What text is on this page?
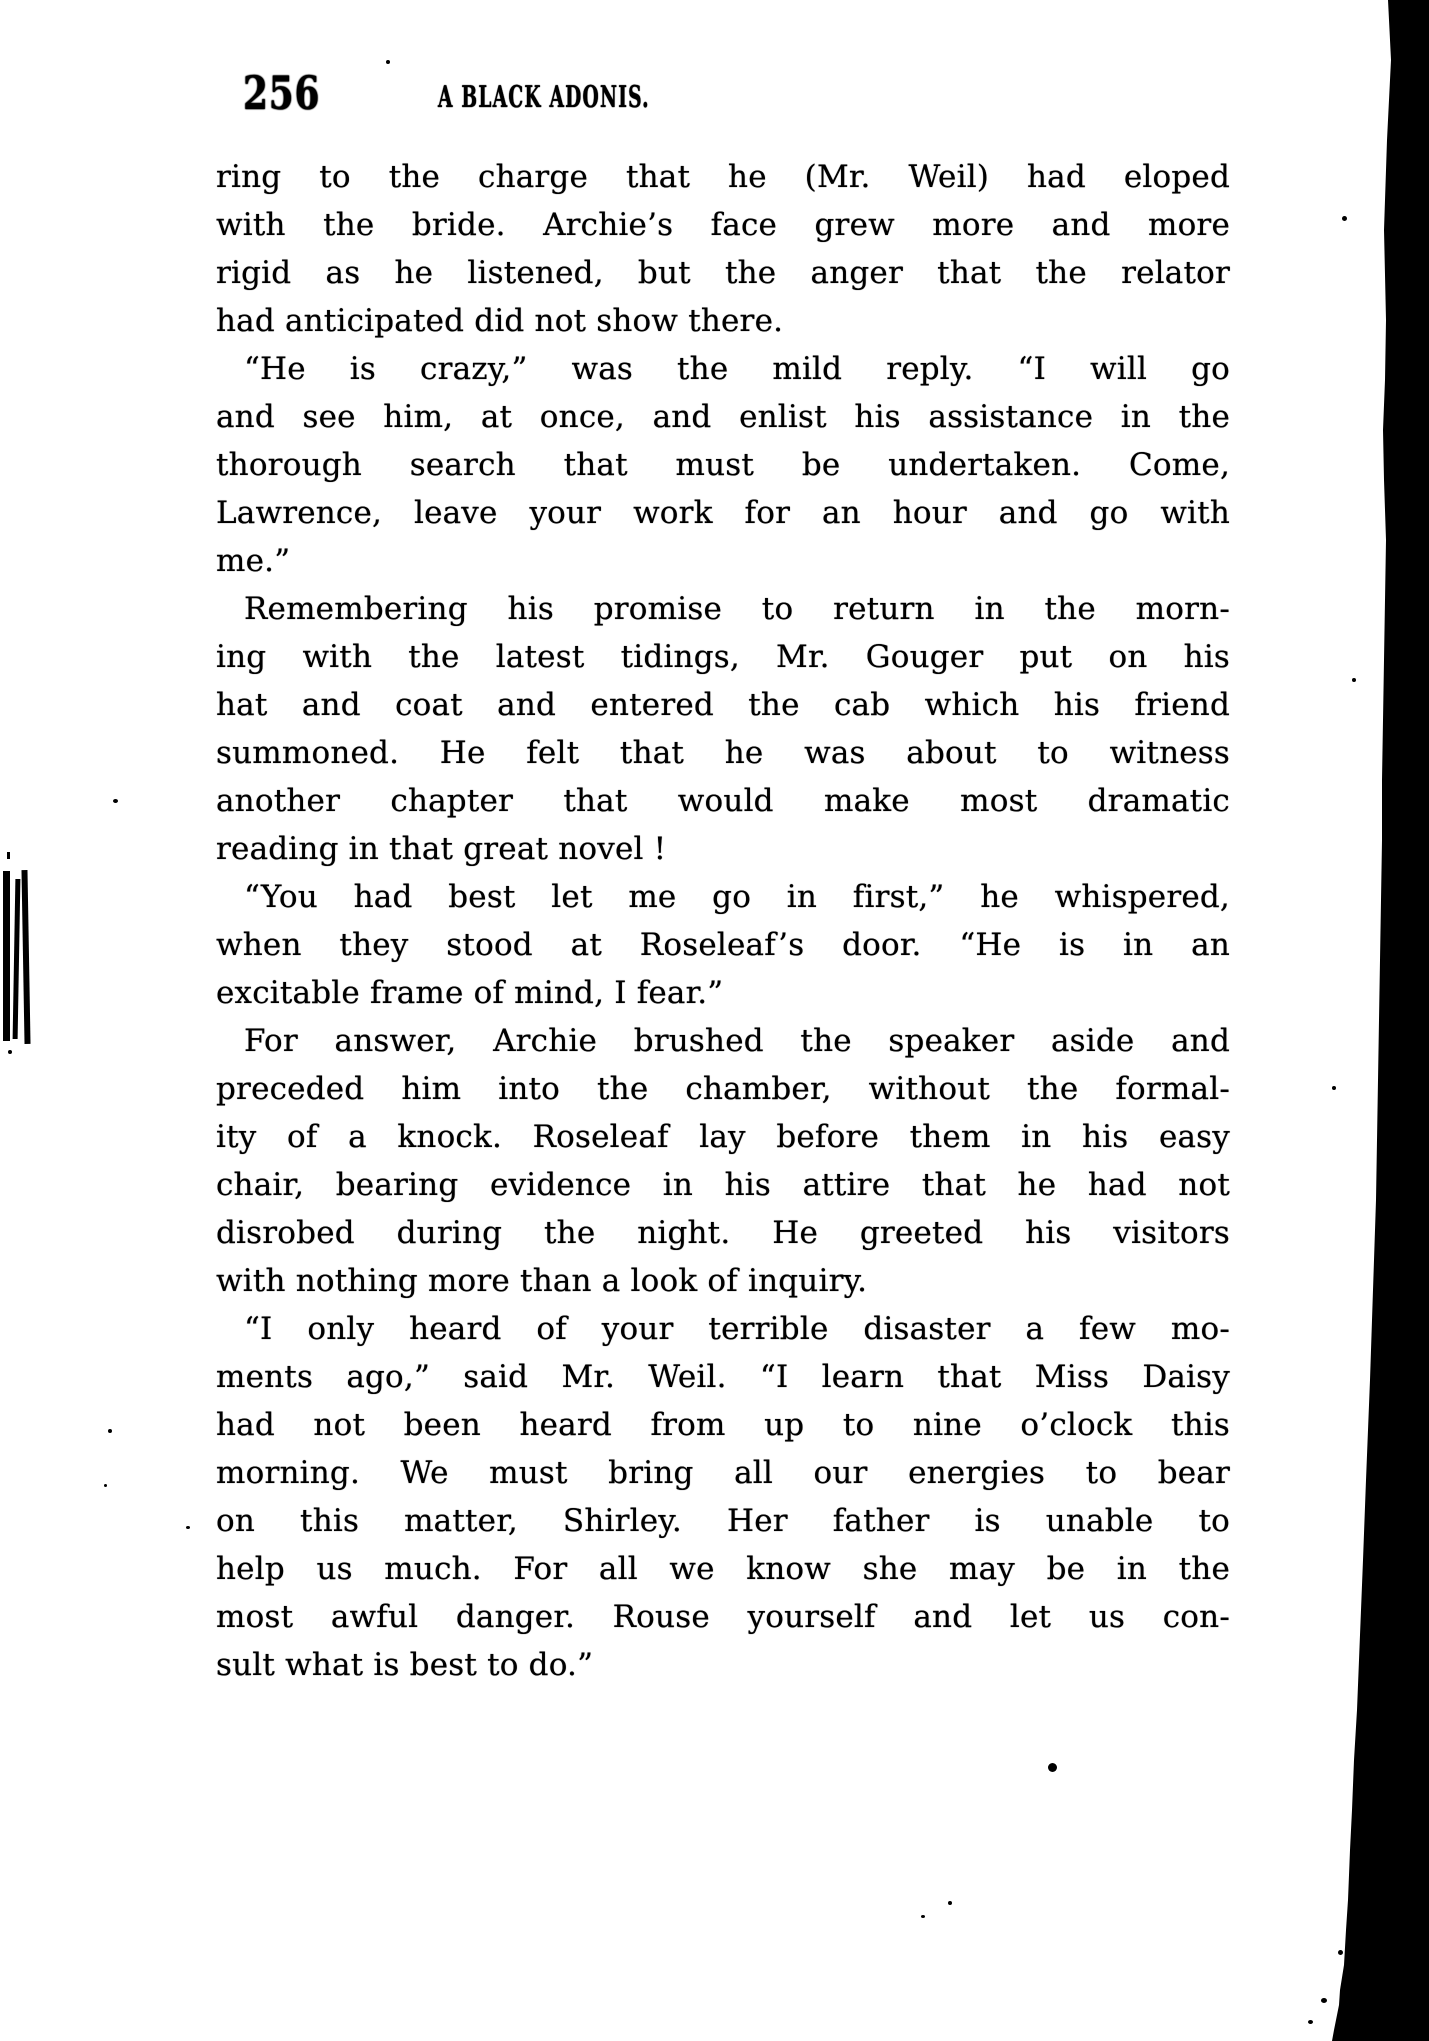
256	A BLACK ADONIS.
ring to the charge that he (Mr. Weil) had eloped
with the bride. Archie’s face grew more and more
rigid as he listened, but the anger that the relator
had anticipated did not show there.
“He is crazy,” was the mild reply. “I will go
and see him, at once, and enlist his assistance in the
thorough search that must be undertaken. Come,
Lawrence, leave your work for an hour and go with
me.”
Remembering his promise to return in the morn-
ing with the latest tidings, Mr. Gouger put on his
hat and coat and entered the cab which his friend
summoned. He felt that he was about to witness
another chapter that would make most dramatic
reading in that great novel !
“You had best let me go in first,” he whispered,
when they stood at Roseleaf’s door. “He is in an
excitable frame of mind, I fear.”
For answer, Archie brushed the speaker aside and
preceded him into the chamber, without the formal-
ity of a knock. Roseleaf lay before them in his easy
chair, bearing evidence in his attire that he had not
disrobed during the night. He greeted his visitors
with nothing more than a look of inquiry.
“I only heard of your terrible disaster a few mo-
ments ago,” said Mr. Weil. “I learn that Miss Daisy
had not been heard from up to nine o’clock this
morning. We must bring all our energies to bear
on this matter, Shirley. Her father is unable to
help us much. For all we know she may be in the
most awful danger. Rouse yourself and let us con-
sult what is best to do.”
